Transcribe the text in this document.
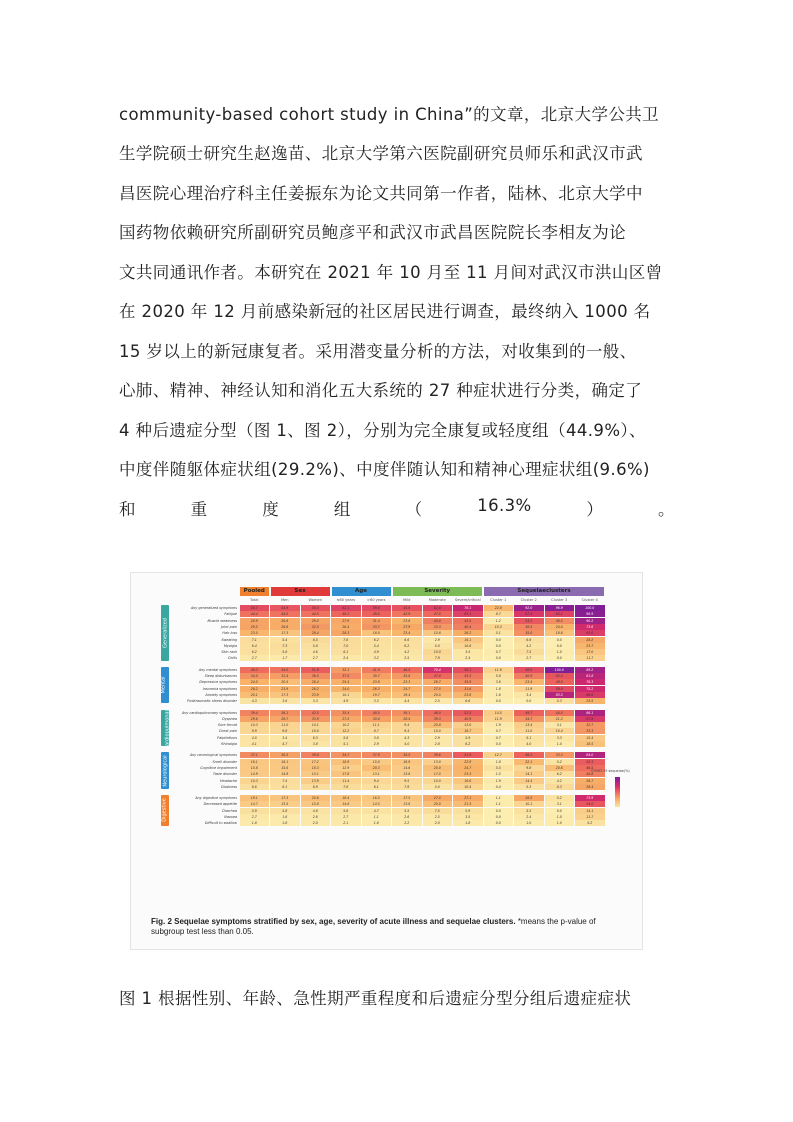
community-based cohort study in China”的文章，北京大学公共卫
生学院硕士研究生赵逸苗、北京大学第六医院副研究员师乐和武汉市武
昌医院心理治疗科主任姜振东为论文共同第一作者，陆林、北京大学中
国药物依赖研究所副研究员鲍彦平和武汉市武昌医院院长李相友为论
文共同通讯作者。本研究在 2021 年 10 月至 11 月间对武汉市洪山区曾
在 2020 年 12 月前感染新冠的社区居民进行调查，最终纳入 1000 名
15 岁以上的新冠康复者。采用潜变量分析的方法，对收集到的一般、
心肺、精神、神经认知和消化五大系统的 27 种症状进行分类，确定了
4 种后遗症分型（图 1、图 2），分别为完全康复或轻度组（44.9%）、
中度伴随躯体症状组(29.2%)、中度伴随认知和精神心理症状组(9.6%)
和	重	度	组	（	16.3%	）	。
Pooled	Sex	Age	Severity	Sequelaeclusters
Total	Men	Women	≤60 years	>60 years	Mild	Moderate	Severe/critical	Cluster 1	Cluster 2	Cluster 3	Cluster 4
Any generalized symptoms	58.7	54.9	56.0	62.1	59.8	55.6	62.8	78.1	22.8	92.0	96.9	100.0
Fatigue	44.4	44.5	44.5	48.1	49.5	42.9	47.5	63.1	8.7	67.4	63.1	96.9
Muscle weakness	28.9	26.6	29.5	27.9	31.4	23.6	40.8	43.5	1.2	53.5	36.5	90.2
Joint pain	29.5	26.6	32.5	26.4	33.7	27.9	33.3	40.4	10.3	38.5	24.0	73.6
Hair loss	23.5	17.3	28.4	28.3	18.0	23.4	15.8	26.2	5.1	35.0	18.8	65.0
Sweating	7.1	5.4	8.5	7.6	6.2	6.6	2.9	16.1	0.0	6.6	0.0	28.2
Myalgia	6.4	7.3	5.8	7.0	5.4	6.2	5.0	10.6	0.0	4.2	0.0	23.7
Skin rash	6.2	5.8	4.6	6.1	4.9	4.2	10.0	3.5	0.7	7.5	1.0	17.0
Chills	2.7	1.7	2.7	2.4	3.2	2.5	7.9	2.4	0.0	2.7	0.0	11.7
Generalized
Any mental symptoms	46.3	44.0	51.9	32.1	41.8	46.5	70.4	58.1	11.9	58.0	100.0	89.2
Sleep disturbances	34.5	31.4	36.5	37.5	30.7	32.8	47.8	43.3	5.8	40.9	55.4	81.8
Depressive symptoms	24.5	20.5	26.4	25.4	23.9	23.3	26.7	35.9	3.6	23.4	49.0	76.3
Insomnia symptoms	26.2	23.9	26.2	24.0	26.3	24.7	27.5	31.6	1.8	11.9	59.4	75.2
Anxiety symptoms	20.1	17.3	23.9	10.1	19.7	19.4	20.5	23.6	1.6	3.4	83.5	66.6
Posttraumatic stress disorder	4.3	3.6	3.3	4.9	3.3	4.4	2.5	6.6	0.0	0.0	5.3	23.5
Mental
Any cardiopulmonary symptoms	39.4	36.1	42.5	35.4	40.5	36.1	46.0	52.5	14.5	49.7	44.5	86.1
Dyspnea	29.6	28.7	33.9	27.5	30.8	28.4	39.3	40.9	11.9	34.7	21.2	67.9
Sore throat	10.3	11.0	10.1	10.2	11.1	9.4	20.8	13.0	1.9	13.4	3.1	32.7
Chest pain	9.9	9.8	10.0	12.2	8.7	9.4	10.0	16.7	0.7	11.0	10.4	33.3
Palpitations	4.5	3.4	6.3	5.6	3.8	4.3	2.9	5.9	0.7	5.1	3.3	15.4
Rhinalgia	4.1	4.7	3.8	5.1	2.9	4.0	2.8	6.2	0.0	4.0	1.0	18.5
Cardiopulmonary
Any neurological symptoms	37.1	30.5	39.8	34.7	37.9	35.5	39.6	51.9	12.7	49.2	33.3	84.0
Smell disorder	16.1	16.1	17.2	18.9	15.0	16.9	13.0	22.9	1.8	22.1	5.2	52.3
Cognitive impairment	15.8	15.6	18.3	12.9	20.3	14.6	20.0	24.7	5.5	9.8	20.6	46.5
Taste disorder	14.9	14.9	15.1	17.6	13.1	13.6	17.5	23.3	1.5	14.1	6.2	40.8
Headache	10.3	7.4	13.9	11.4	9.4	9.5	10.0	16.6	1.9	14.4	4.2	26.7
Dizziness	6.6	6.1	6.9	7.6	6.1	7.9	5.0	10.4	0.4	5.3	8.3	28.4
Neurological
Any digestive symptoms	19.1	17.3	20.6	18.4	16.5	17.5	27.5	27.1	1.1	28.5	5.2	73.9
Decreased appetite	14.7	13.5	15.8	14.8	14.5	13.6	20.0	21.3	1.1	10.1	3.1	54.0
Diarrhea	5.9	5.8	4.8	5.6	4.7	5.5	7.5	5.9	0.0	5.5	0.0	14.1
Nausea	2.7	1.6	2.6	2.7	1.1	2.6	2.5	3.5	0.0	2.4	1.0	11.7
Difficult to swallow	1.8	1.8	2.0	2.1	1.6	2.2	2.0	1.8	0.0	1.0	1.0	5.2
Digestive
COVID-19 sequelae(%)
Fig. 2 Sequelae symptoms stratified by sex, age, severity of acute illness and sequelae clusters. *means the p-value of subgroup test less than 0.05.
图 1 根据性别、年龄、急性期严重程度和后遗症分型分组后遗症症状
